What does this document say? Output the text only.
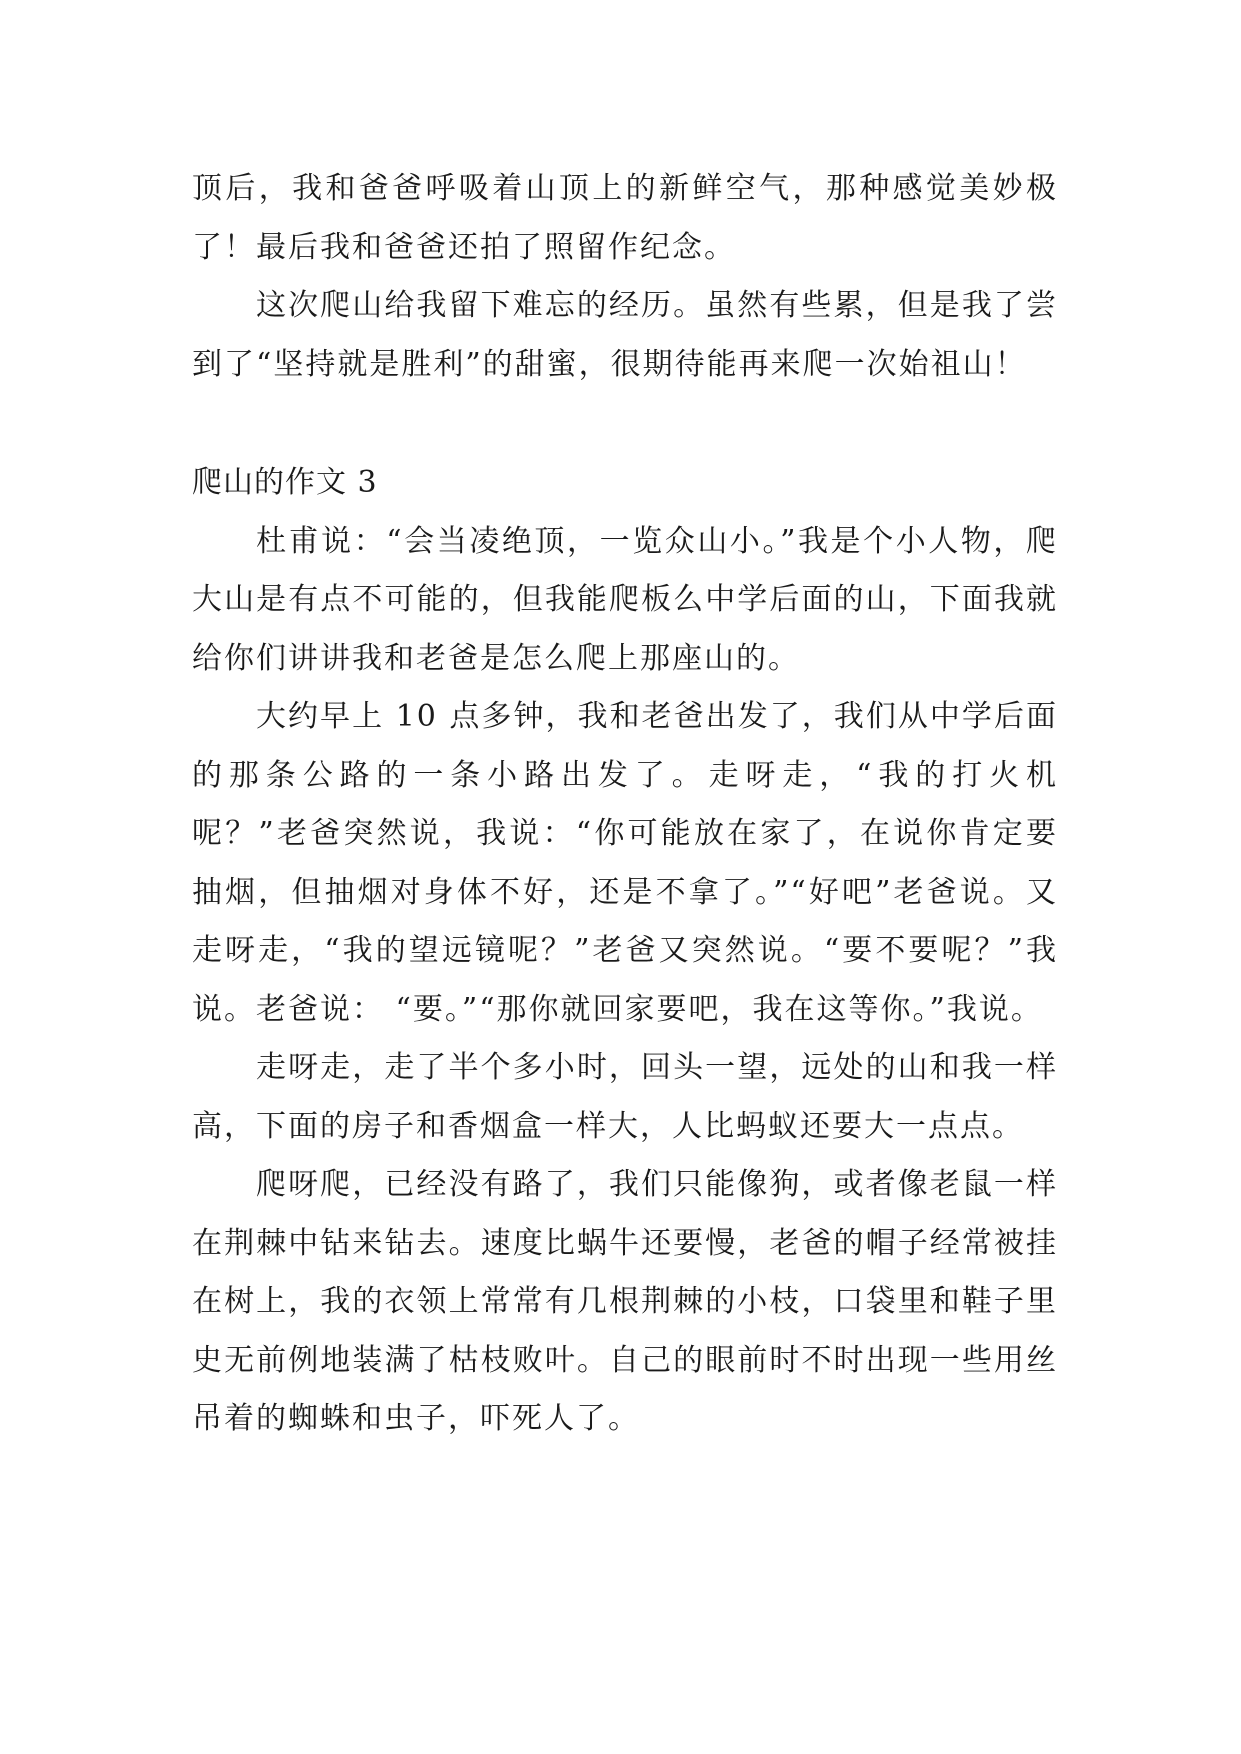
顶后，我和爸爸呼吸着山顶上的新鲜空气，那种感觉美妙极了！最后我和爸爸还拍了照留作纪念。

这次爬山给我留下难忘的经历。虽然有些累，但是我了尝到了“坚持就是胜利”的甜蜜，很期待能再来爬一次始祖山！

爬山的作文 3

杜甫说：“会当凌绝顶，一览众山小。”我是个小人物，爬大山是有点不可能的，但我能爬板么中学后面的山，下面我就给你们讲讲我和老爸是怎么爬上那座山的。

大约早上 10 点多钟，我和老爸出发了，我们从中学后面的那条公路的一条小路出发了。走呀走，“我的打火机呢？”老爸突然说，我说：“你可能放在家了，在说你肯定要抽烟，但抽烟对身体不好，还是不拿了。”“好吧”老爸说。又走呀走，“我的望远镜呢？”老爸又突然说。“要不要呢？”我说。老爸说： “要。”“那你就回家要吧，我在这等你。”我说。

走呀走，走了半个多小时，回头一望，远处的山和我一样高，下面的房子和香烟盒一样大，人比蚂蚁还要大一点点。

爬呀爬，已经没有路了，我们只能像狗，或者像老鼠一样在荆棘中钻来钻去。速度比蜗牛还要慢，老爸的帽子经常被挂在树上，我的衣领上常常有几根荆棘的小枝，口袋里和鞋子里史无前例地装满了枯枝败叶。自己的眼前时不时出现一些用丝吊着的蜘蛛和虫子，吓死人了。
